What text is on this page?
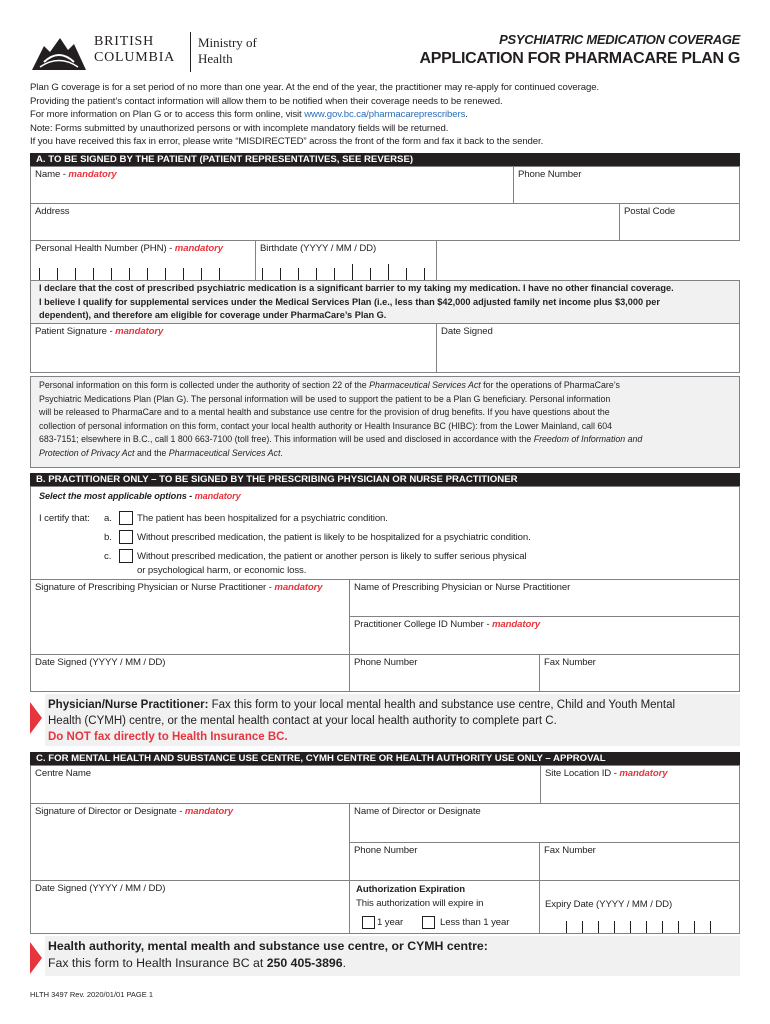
BRITISH
COLUMBIA
Ministry of
Health
PSYCHIATRIC MEDICATION COVERAGE
APPLICATION FOR PHARMACARE PLAN G
Plan G coverage is for a set period of no more than one year. At the end of the year, the practitioner may re-apply for continued coverage.
Providing the patient’s contact information will allow them to be notified when their coverage needs to be renewed.
For more information on Plan G or to access this form online, visit www.gov.bc.ca/pharmacareprescribers.
Note: Forms submitted by unauthorized persons or with incomplete mandatory fields will be returned.
If you have received this fax in error, please write “MISDIRECTED” across the front of the form and fax it back to the sender.
A. TO BE SIGNED BY THE PATIENT (PATIENT REPRESENTATIVES, SEE REVERSE)
Name - mandatory	Phone Number
Address	Postal Code
Personal Health Number (PHN) - mandatory	Birthdate (YYYY / MM / DD)
I declare that the cost of prescribed psychiatric medication is a significant barrier to my taking my medication. I have no other financial coverage.
I believe I qualify for supplemental services under the Medical Services Plan (i.e., less than $42,000 adjusted family net income plus $3,000 per
dependent), and therefore am eligible for coverage under PharmaCare’s Plan G.
Patient Signature - mandatory	Date Signed
Personal information on this form is collected under the authority of section 22 of the Pharmaceutical Services Act for the operations of PharmaCare’s
Psychiatric Medications Plan (Plan G). The personal information will be used to support the patient to be a Plan G beneficiary. Personal information
will be released to PharmaCare and to a mental health and substance use centre for the provision of drug benefits. If you have questions about the
collection of personal information on this form, contact your local health authority or Health Insurance BC (HIBC): from the Lower Mainland, call 604
683-7151; elsewhere in B.C., call 1 800 663-7100 (toll free). This information will be used and disclosed in accordance with the Freedom of Information and
Protection of Privacy Act and the Pharmaceutical Services Act.
B. PRACTITIONER ONLY – TO BE SIGNED BY THE PRESCRIBING PHYSICIAN OR NURSE PRACTITIONER
Select the most applicable options - mandatory
I certify that: a.	The patient has been hospitalized for a psychiatric condition.
b.	Without prescribed medication, the patient is likely to be hospitalized for a psychiatric condition.
c.	Without prescribed medication, the patient or another person is likely to suffer serious physical
or psychological harm, or economic loss.
Signature of Prescribing Physician or Nurse Practitioner - mandatory	Name of Prescribing Physician or Nurse Practitioner
Practitioner College ID Number - mandatory
Date Signed (YYYY / MM / DD)	Phone Number	Fax Number
Physician/Nurse Practitioner: Fax this form to your local mental health and substance use centre, Child and Youth Mental
Health (CYMH) centre, or the mental health contact at your local health authority to complete part C.
Do NOT fax directly to Health Insurance BC.
C. FOR MENTAL HEALTH AND SUBSTANCE USE CENTRE, CYMH CENTRE OR HEALTH AUTHORITY USE ONLY – APPROVAL
Centre Name	Site Location ID - mandatory
Signature of Director or Designate - mandatory	Name of Director or Designate
Phone Number	Fax Number
Date Signed (YYYY / MM / DD)	Authorization Expiration
This authorization will expire in
1 year	Less than 1 year
Expiry Date (YYYY / MM / DD)
Health authority, mental mealth and substance use centre, or CYMH centre:
Fax this form to Health Insurance BC at 250 405-3896.
HLTH 3497 Rev. 2020/01/01 PAGE 1
